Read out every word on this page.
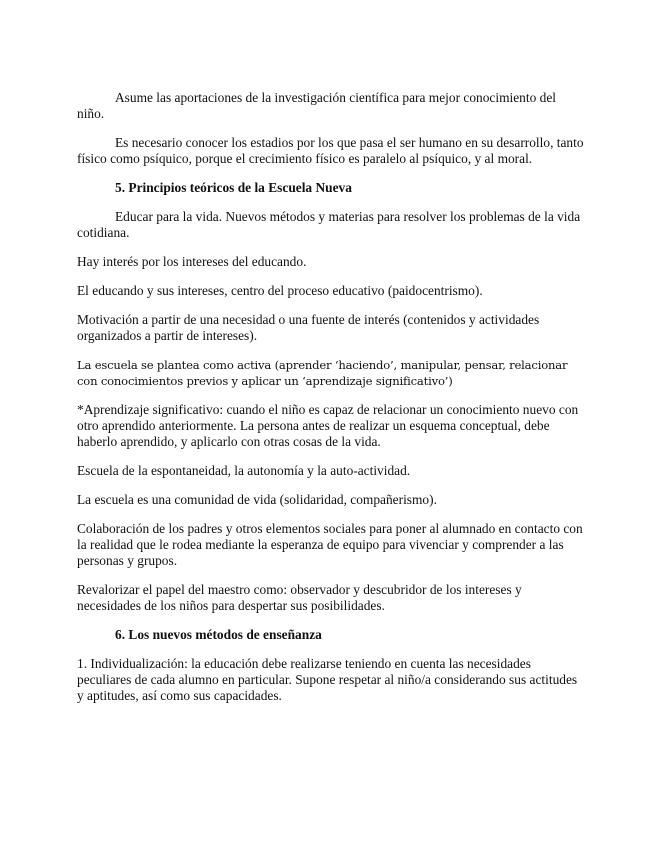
Asume las aportaciones de la investigación científica para mejor conocimiento del niño.

Es necesario conocer los estadios por los que pasa el ser humano en su desarrollo, tanto físico como psíquico, porque el crecimiento físico es paralelo al psíquico, y al moral.

5. Principios teóricos de la Escuela Nueva

Educar para la vida. Nuevos métodos y materias para resolver los problemas de la vida cotidiana.

Hay interés por los intereses del educando.

El educando y sus intereses, centro del proceso educativo (paidocentrismo).

Motivación a partir de una necesidad o una fuente de interés (contenidos y actividades organizados a partir de intereses).

La escuela se plantea como activa (aprender ‘haciendo’, manipular, pensar, relacionar con conocimientos previos y aplicar un ‘aprendizaje significativo’)

*Aprendizaje significativo: cuando el niño es capaz de relacionar un conocimiento nuevo con otro aprendido anteriormente. La persona antes de realizar un esquema conceptual, debe haberlo aprendido, y aplicarlo con otras cosas de la vida.

Escuela de la espontaneidad, la autonomía y la auto-actividad.

La escuela es una comunidad de vida (solidaridad, compañerismo).

Colaboración de los padres y otros elementos sociales para poner al alumnado en contacto con la realidad que le rodea mediante la esperanza de equipo para vivenciar y comprender a las personas y grupos.

Revalorizar el papel del maestro como: observador y descubridor de los intereses y necesidades de los niños para despertar sus posibilidades.

6. Los nuevos métodos de enseñanza

1. Individualización: la educación debe realizarse teniendo en cuenta las necesidades peculiares de cada alumno en particular. Supone respetar al niño/a considerando sus actitudes y aptitudes, así como sus capacidades.
